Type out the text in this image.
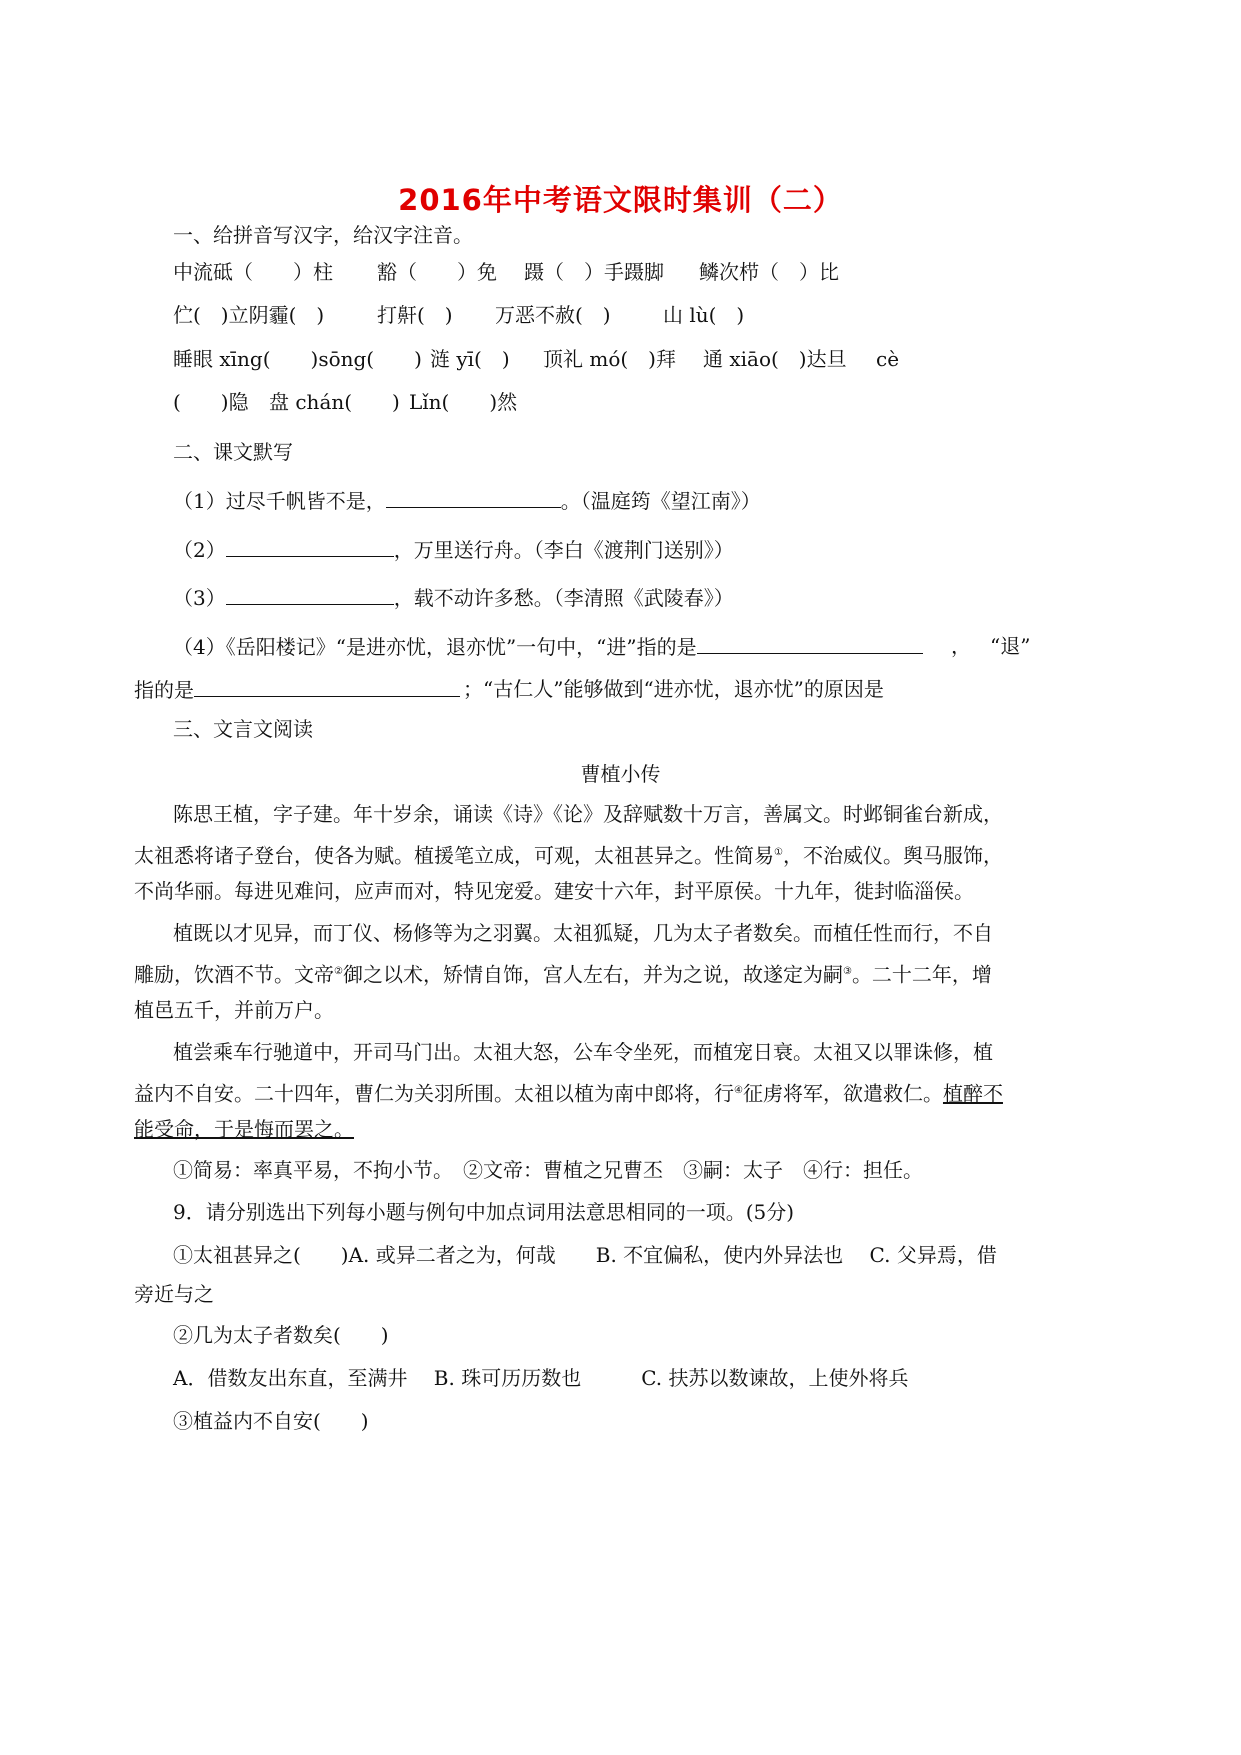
2016年中考语文限时集训（二）
一、给拼音写汉字，给汉字注音。
中流砥（　　）柱 豁（　　）免 蹑（　）手蹑脚 鳞次栉（　）比
伫(　)立阴霾(　)	打鼾(　) 万恶不赦(　)	山 lù(　)
睡眼 xīng(　　)sōng(　　) 涟 yī(　) 顶礼 mó(　)拜 通 xiāo(　)达旦 cè
(　　)隐 盘 chán(　　) Lǐn(　　)然
二、课文默写
（1）过尽千帆皆不是，	。（温庭筠《望江南》）
（2）	，万里送行舟。（李白《渡荆门送别》）
（3）	，载不动许多愁。（李清照《武陵春》）
（4）《岳阳楼记》“是进亦忧，退亦忧”一句中，“进”指的是	， “退”
指的是	；“古仁人”能够做到“进亦忧，退亦忧”的原因是
三、文言文阅读
曹植小传
陈思王植，字子建。年十岁余，诵读《诗》《论》及辞赋数十万言，善属文。时邺铜雀台新成，
太祖悉将诸子登台，使各为赋。植援笔立成，可观，太祖甚异之。性简易①，不治威仪。舆马服饰，
不尚华丽。每进见难问，应声而对，特见宠爱。建安十六年，封平原侯。十九年，徙封临淄侯。
植既以才见异，而丁仪、杨修等为之羽翼。太祖狐疑，几为太子者数矣。而植任性而行，不自
雕励，饮酒不节。文帝②御之以术，矫情自饰，宫人左右，并为之说，故遂定为嗣③。二十二年，增
植邑五千，并前万户。
植尝乘车行驰道中，开司马门出。太祖大怒，公车令坐死，而植宠日衰。太祖又以罪诛修，植
益内不自安。二十四年，曹仁为关羽所围。太祖以植为南中郎将，行④征虏将军，欲遣救仁。植醉不
能受命，于是悔而罢之。
①简易：率真平易，不拘小节。　②文帝：曹植之兄曹丕　③嗣：太子　④行：担任。
9．请分别选出下列每小题与例句中加点词用法意思相同的一项。(5分)
①太祖甚异之(　　)A. 或异二者之为，何哉　　B. 不宜偏私，使内外异法也　 C. 父异焉，借
旁近与之
②几为太子者数矣(　　)
A．借数友出东直，至满井　 B. 珠可历历数也　　　C. 扶苏以数谏故，上使外将兵
③植益内不自安(　　)
